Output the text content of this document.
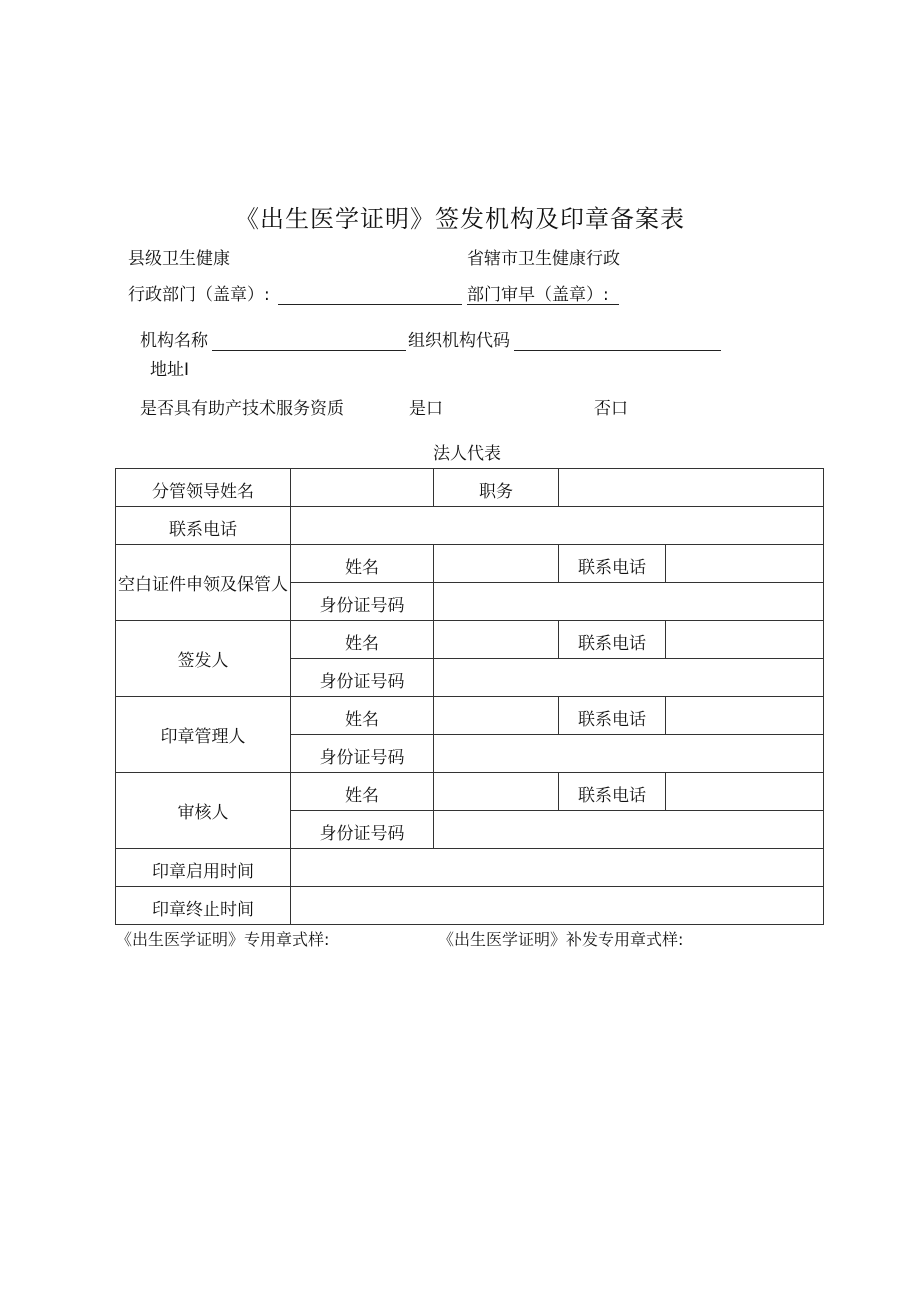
《出生医学证明》签发机构及印章备案表
县级卫生健康
行政部门（盖章）:
省辖市卫生健康行政
部门审早（盖章）:
机构名称	组织机构代码
地址I
是否具有助产技术服务资质	是口	否口
法人代表
分管领导姓名		职务		
联系电话				
空白证件申领及保管人	姓名		联系电话	
	身份证号码			
签发人	姓名		联系电话	
	身份证号码			
印章管理人	姓名		联系电话	
	身份证号码			
审核人	姓名		联系电话	
	身份证号码			
印章启用时间				
印章终止时间				
《出生医学证明》专用章式样:	《出生医学证明》补发专用章式样:
